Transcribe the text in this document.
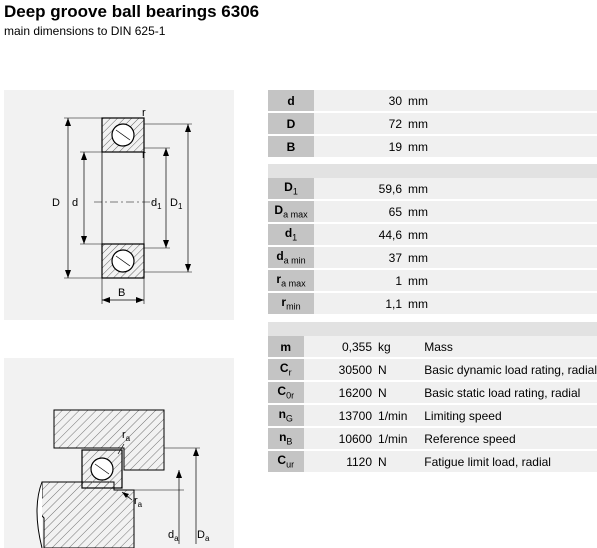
Deep groove ball bearings 6306
main dimensions to DIN 625-1
D d	$d_1$ $D_1$
r
r
B
$d_a$ $D_a$
$r_a$
$r_a$
d	30	mm	
D	72	mm	
B	19	mm	
$D_1$	59,6	mm	
$D_{a max}$	65	mm	
$d_1$	44,6	mm	
$d_{a min}$	37	mm	
$r_{a max}$	1	mm	
$r_{min}$	1,1	mm	
m	0,355	kg	Mass
$C_r$	30500	N	Basic dynamic load rating, radial
$C_{0r}$	16200	N	Basic static load rating, radial
$n_G$	13700	1/min	Limiting speed
$n_B$	10600	1/min	Reference speed
$C_{ur}$	1120	N	Fatigue limit load, radial
